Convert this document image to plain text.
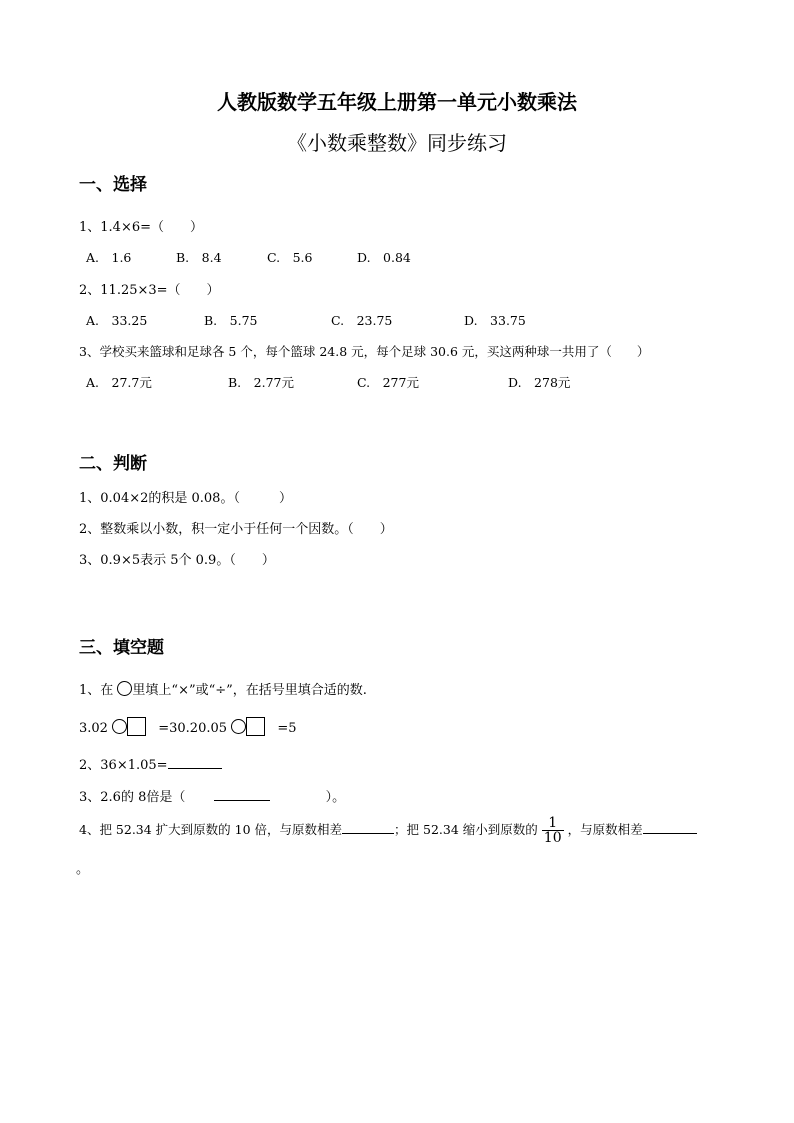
人教版数学五年级上册第一单元小数乘法
《小数乘整数》同步练习
一、选择
1、1.4×6=（　　）
A.　1.6	B.　8.4	C.　5.6	D.　0.84
2、11.25×3=（　　）
A.　33.25	B.　5.75	C.　23.75	D.　33.75
3、学校买来篮球和足球各 5 个，每个篮球 24.8 元，每个足球 30.6 元，买这两种球一共用了（　　）
A.　27.7元	B.　2.77元	C.　277元	D.　278元
二、判断
1、0.04×2的积是 0.08。（　　　）
2、整数乘以小数，积一定小于任何一个因数。（　　）
3、0.9×5表示 5个 0.9。（　　）
三、填空题
1、在 里填上“×”或“÷”，在括号里填合适的数.
3.02	=30.20.05	=5
2、36×1.05=
3、2.6的 8倍是（	）。
4、把 52.34 扩大到原数的 10 倍，与原数相差	；把 52.34 缩小到原数的 $\frac{1}{10}$ ，与原数相差
。
